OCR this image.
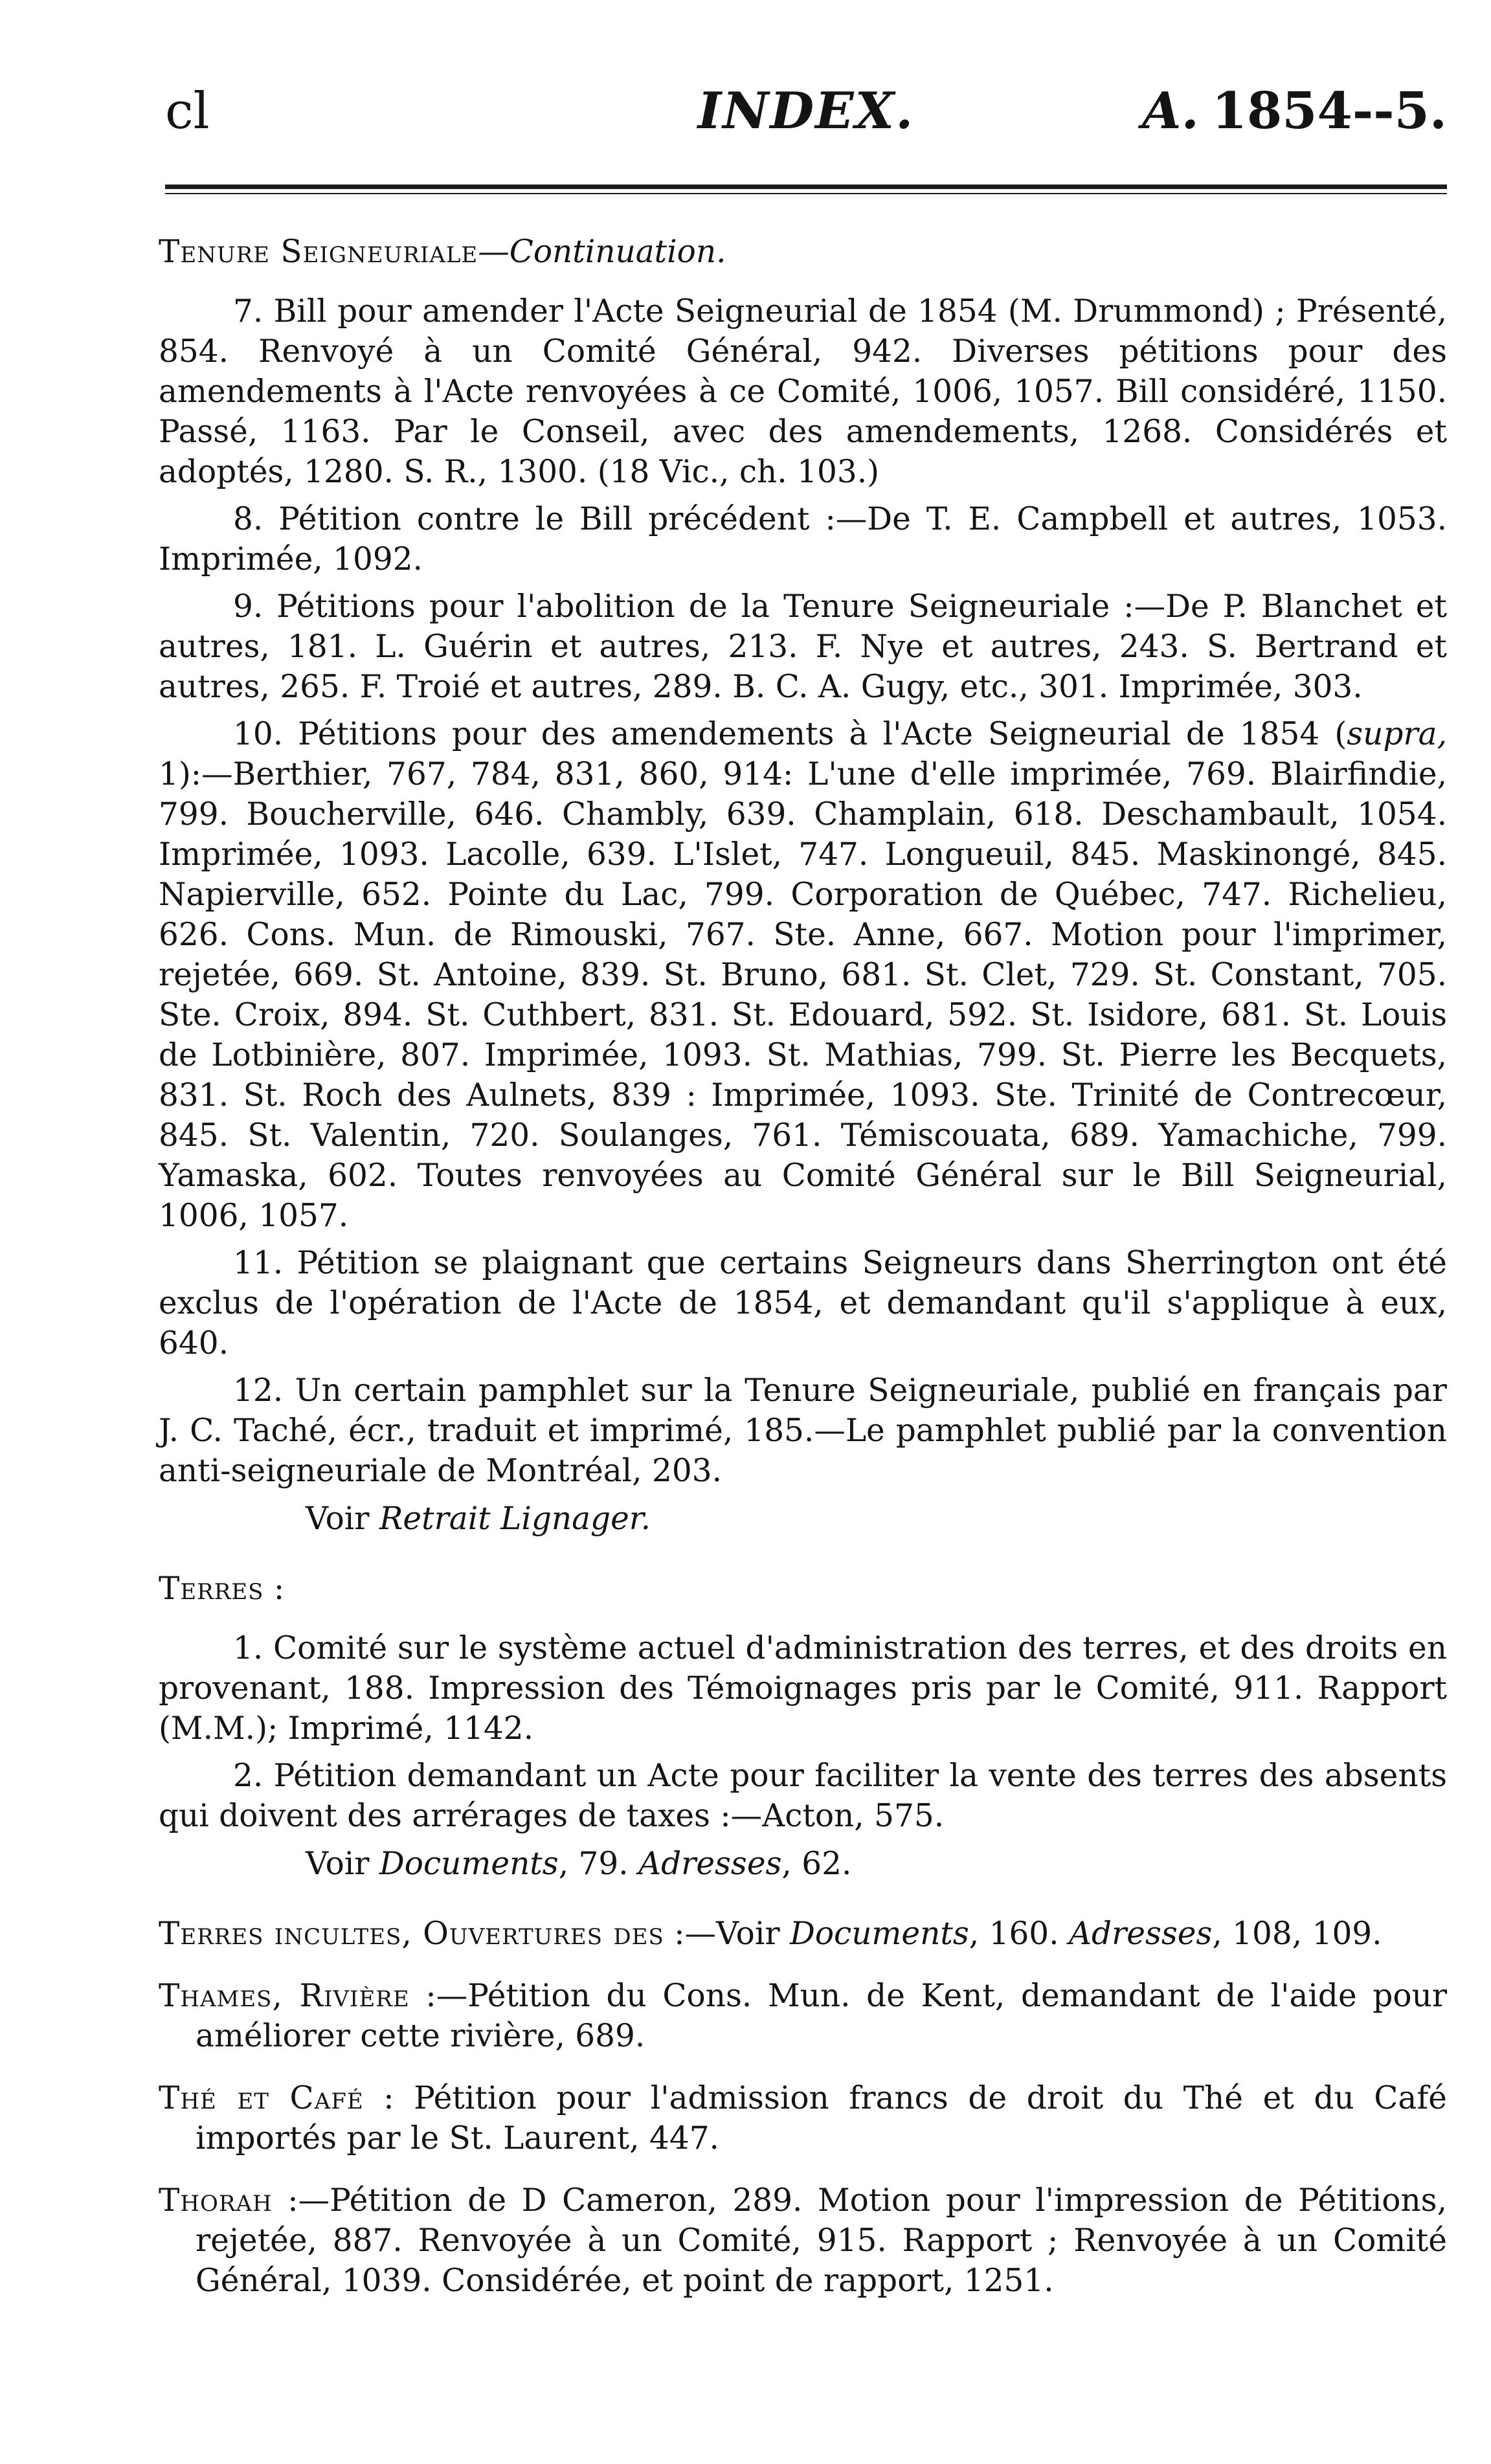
cl	INDEX.	A. 1854--5.
Tenure Seigneuriale—Continuation.

7. Bill pour amender l'Acte Seigneurial de 1854 (M. Drummond) ; Présenté, 854. Renvoyé à un Comité Général, 942. Diverses pétitions pour des amendements à l'Acte renvoyées à ce Comité, 1006, 1057. Bill considéré, 1150. Passé, 1163. Par le Conseil, avec des amendements, 1268. Considérés et adoptés, 1280. S. R., 1300. (18 Vic., ch. 103.)

8. Pétition contre le Bill précédent :—De T. E. Campbell et autres, 1053. Imprimée, 1092.

9. Pétitions pour l'abolition de la Tenure Seigneuriale :—De P. Blanchet et autres, 181. L. Guérin et autres, 213. F. Nye et autres, 243. S. Bertrand et autres, 265. F. Troié et autres, 289. B. C. A. Gugy, etc., 301. Imprimée, 303.

10. Pétitions pour des amendements à l'Acte Seigneurial de 1854 (supra, 1):—Berthier, 767, 784, 831, 860, 914: L'une d'elle imprimée, 769. Blairfindie, 799. Boucherville, 646. Chambly, 639. Champlain, 618. Deschambault, 1054. Imprimée, 1093. Lacolle, 639. L'Islet, 747. Longueuil, 845. Maskinongé, 845. Napierville, 652. Pointe du Lac, 799. Corporation de Québec, 747. Richelieu, 626. Cons. Mun. de Rimouski, 767. Ste. Anne, 667. Motion pour l'imprimer, rejetée, 669. St. Antoine, 839. St. Bruno, 681. St. Clet, 729. St. Constant, 705. Ste. Croix, 894. St. Cuthbert, 831. St. Edouard, 592. St. Isidore, 681. St. Louis de Lotbinière, 807. Imprimée, 1093. St. Mathias, 799. St. Pierre les Becquets, 831. St. Roch des Aulnets, 839 : Imprimée, 1093. Ste. Trinité de Contrecœur, 845. St. Valentin, 720. Soulanges, 761. Témiscouata, 689. Yamachiche, 799. Yamaska, 602. Toutes renvoyées au Comité Général sur le Bill Seigneurial, 1006, 1057.

11. Pétition se plaignant que certains Seigneurs dans Sherrington ont été exclus de l'opération de l'Acte de 1854, et demandant qu'il s'applique à eux, 640.

12. Un certain pamphlet sur la Tenure Seigneuriale, publié en français par J. C. Taché, écr., traduit et imprimé, 185.—Le pamphlet publié par la convention anti-seigneuriale de Montréal, 203.

Voir Retrait Lignager.
Terres :

1. Comité sur le système actuel d'administration des terres, et des droits en provenant, 188. Impression des Témoignages pris par le Comité, 911. Rapport (M.M.); Imprimé, 1142.

2. Pétition demandant un Acte pour faciliter la vente des terres des absents qui doivent des arrérages de taxes :—Acton, 575.

Voir Documents, 79. Adresses, 62.

Terres incultes, Ouvertures des :—Voir Documents, 160. Adresses, 108, 109.

Thames, Rivière :—Pétition du Cons. Mun. de Kent, demandant de l'aide pour améliorer cette rivière, 689.

Thé et Café : Pétition pour l'admission francs de droit du Thé et du Café importés par le St. Laurent, 447.

Thorah :—Pétition de D Cameron, 289. Motion pour l'impression de Pétitions, rejetée, 887. Renvoyée à un Comité, 915. Rapport ; Renvoyée à un Comité Général, 1039. Considérée, et point de rapport, 1251.
